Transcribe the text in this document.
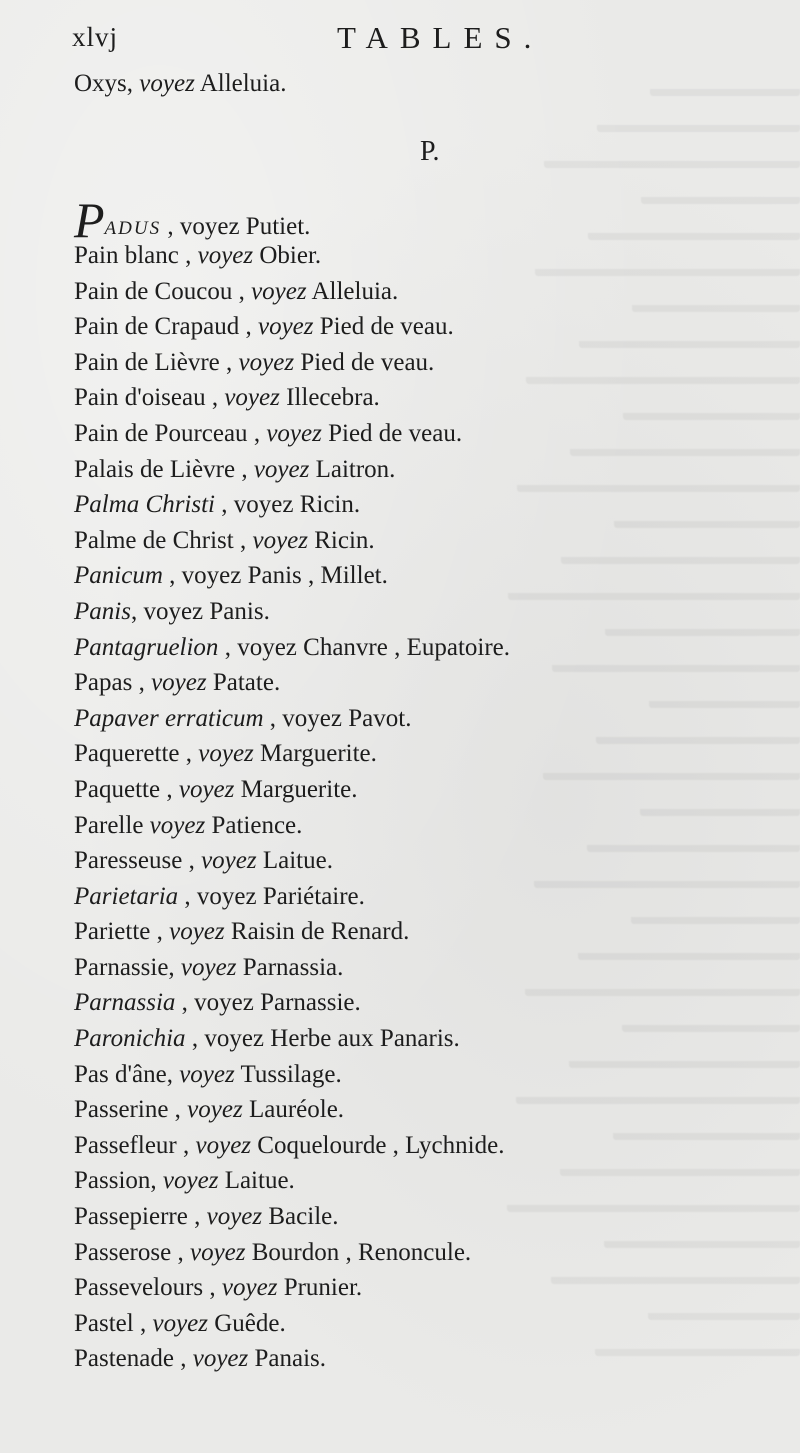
xlvj	TABLES.
Oxys, voyez Alleluia.
P.
PADUS , voyez Putiet.
Pain blanc , voyez Obier.
Pain de Coucou , voyez Alleluia.
Pain de Crapaud , voyez Pied de veau.
Pain de Lièvre , voyez Pied de veau.
Pain d'oiseau , voyez Illecebra.
Pain de Pourceau , voyez Pied de veau.
Palais de Lièvre , voyez Laitron.
Palma Christi , voyez Ricin.
Palme de Christ , voyez Ricin.
Panicum , voyez Panis , Millet.
Panis, voyez Panis.
Pantagruelion , voyez Chanvre , Eupatoire.
Papas , voyez Patate.
Papaver erraticum , voyez Pavot.
Paquerette , voyez Marguerite.
Paquette , voyez Marguerite.
Parelle voyez Patience.
Paresseuse , voyez Laitue.
Parietaria , voyez Pariétaire.
Pariette , voyez Raisin de Renard.
Parnassie, voyez Parnassia.
Parnassia , voyez Parnassie.
Paronichia , voyez Herbe aux Panaris.
Pas d'âne, voyez Tussilage.
Passerine , voyez Lauréole.
Passefleur , voyez Coquelourde , Lychnide.
Passion, voyez Laitue.
Passepierre , voyez Bacile.
Passerose , voyez Bourdon , Renoncule.
Passevelours , voyez Prunier.
Pastel , voyez Guêde.
Pastenade , voyez Panais.
